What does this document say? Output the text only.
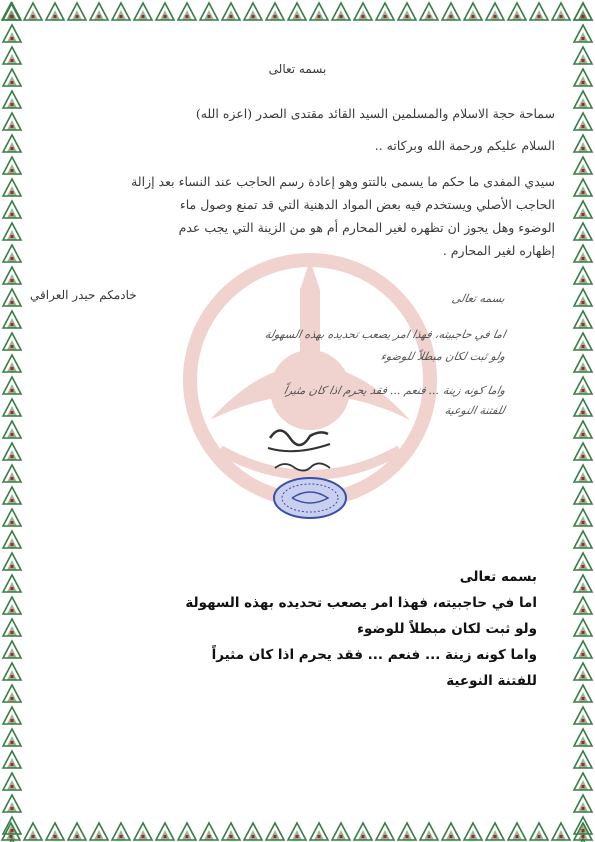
بسمه تعالى
سماحة حجة الاسلام والمسلمين السيد القائد مقتدى الصدر (اعزه الله)
السلام عليكم ورحمة الله وبركاته ..
سيدي المفدى ما حكم ما يسمى بالتتو وهو إعادة رسم الحاجب عند النساء بعد إزالة
الحاجب الأصلي ويستخدم فيه بعض المواد الدهنية التي قد تمنع وصول ماء
الوضوء وهل يجوز ان تظهره لغير المحارم أم هو من الزينة التي يجب عدم
إظهاره لغير المحارم .
خادمكم حيدر العراقي	بسمه تعالى
اما في حاجبيته، فهذا امر يصعب تحديده بهذه السهولة
ولو ثبت لكان مبطلاً للوضوء
واما كونه زينة ... فنعم ... فقد يحرم اذا كان مثيراً
للفتنة النوعية
بسمه تعالى
اما في حاجبيته، فهذا امر يصعب تحديده بهذه السهولة
ولو ثبت لكان مبطلاً للوضوء
واما كونه زينة ... فنعم ... فقد يحرم اذا كان مثيراً
للفتنة النوعية
